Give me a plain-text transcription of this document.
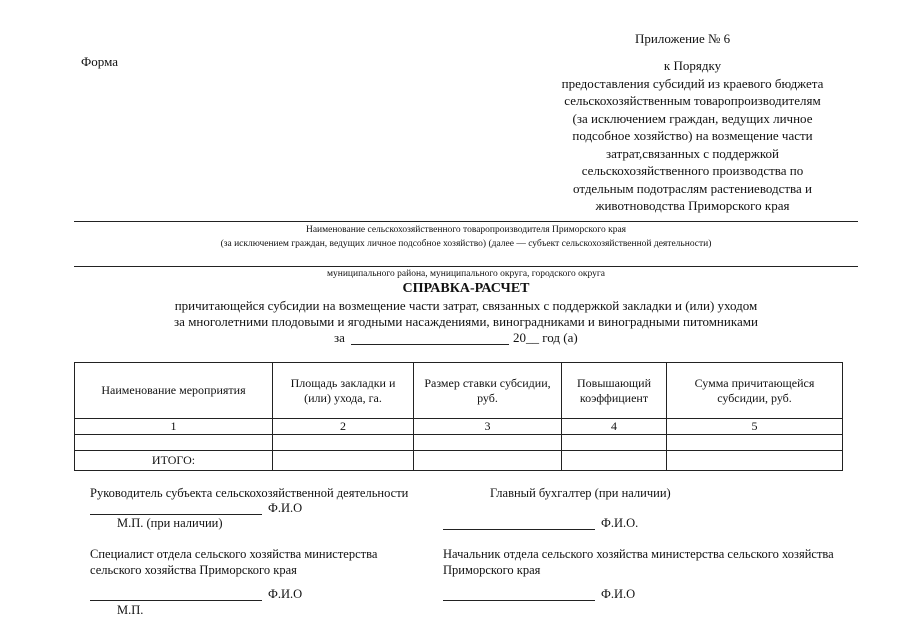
Приложение № 6
Форма	к Порядку
предоставления субсидий из краевого бюджета
сельскохозяйственным товаропроизводителям
(за исключением граждан, ведущих личное
подсобное хозяйство) на возмещение части
затрат,связанных с поддержкой
сельскохозяйственного производства по
отдельным подотраслям растениеводства и
животноводства Приморского края
Наименование сельскохозяйственного товаропроизводителя Приморского края
(за исключением граждан, ведущих личное подсобное хозяйство) (далее — субъект сельскохозяйственной деятельности)
муниципального района, муниципального округа, городского округа
СПРАВКА-РАСЧЕТ
причитающейся субсидии на возмещение части затрат, связанных с поддержкой закладки и (или) уходом
за многолетними плодовыми и ягодными насаждениями, виноградниками и виноградными питомниками
за	20__ год (а)
Наименование мероприятия	Площадь закладки и (или) ухода, га.	Размер ставки субсидии, руб.	Повышающий коэффициент	Сумма причитающейся субсидии, руб.
1	2	3	4	5

ИТОГО:				
Руководитель субъекта сельскохозяйственной деятельности	Главный бухгалтер (при наличии)
Ф.И.О
М.П. (при наличии)	Ф.И.О.
Специалист отдела сельского хозяйства министерства
сельского хозяйства Приморского края
Начальник отдела сельского хозяйства министерства сельского хозяйства
Приморского края
Ф.И.О	Ф.И.О
М.П.
